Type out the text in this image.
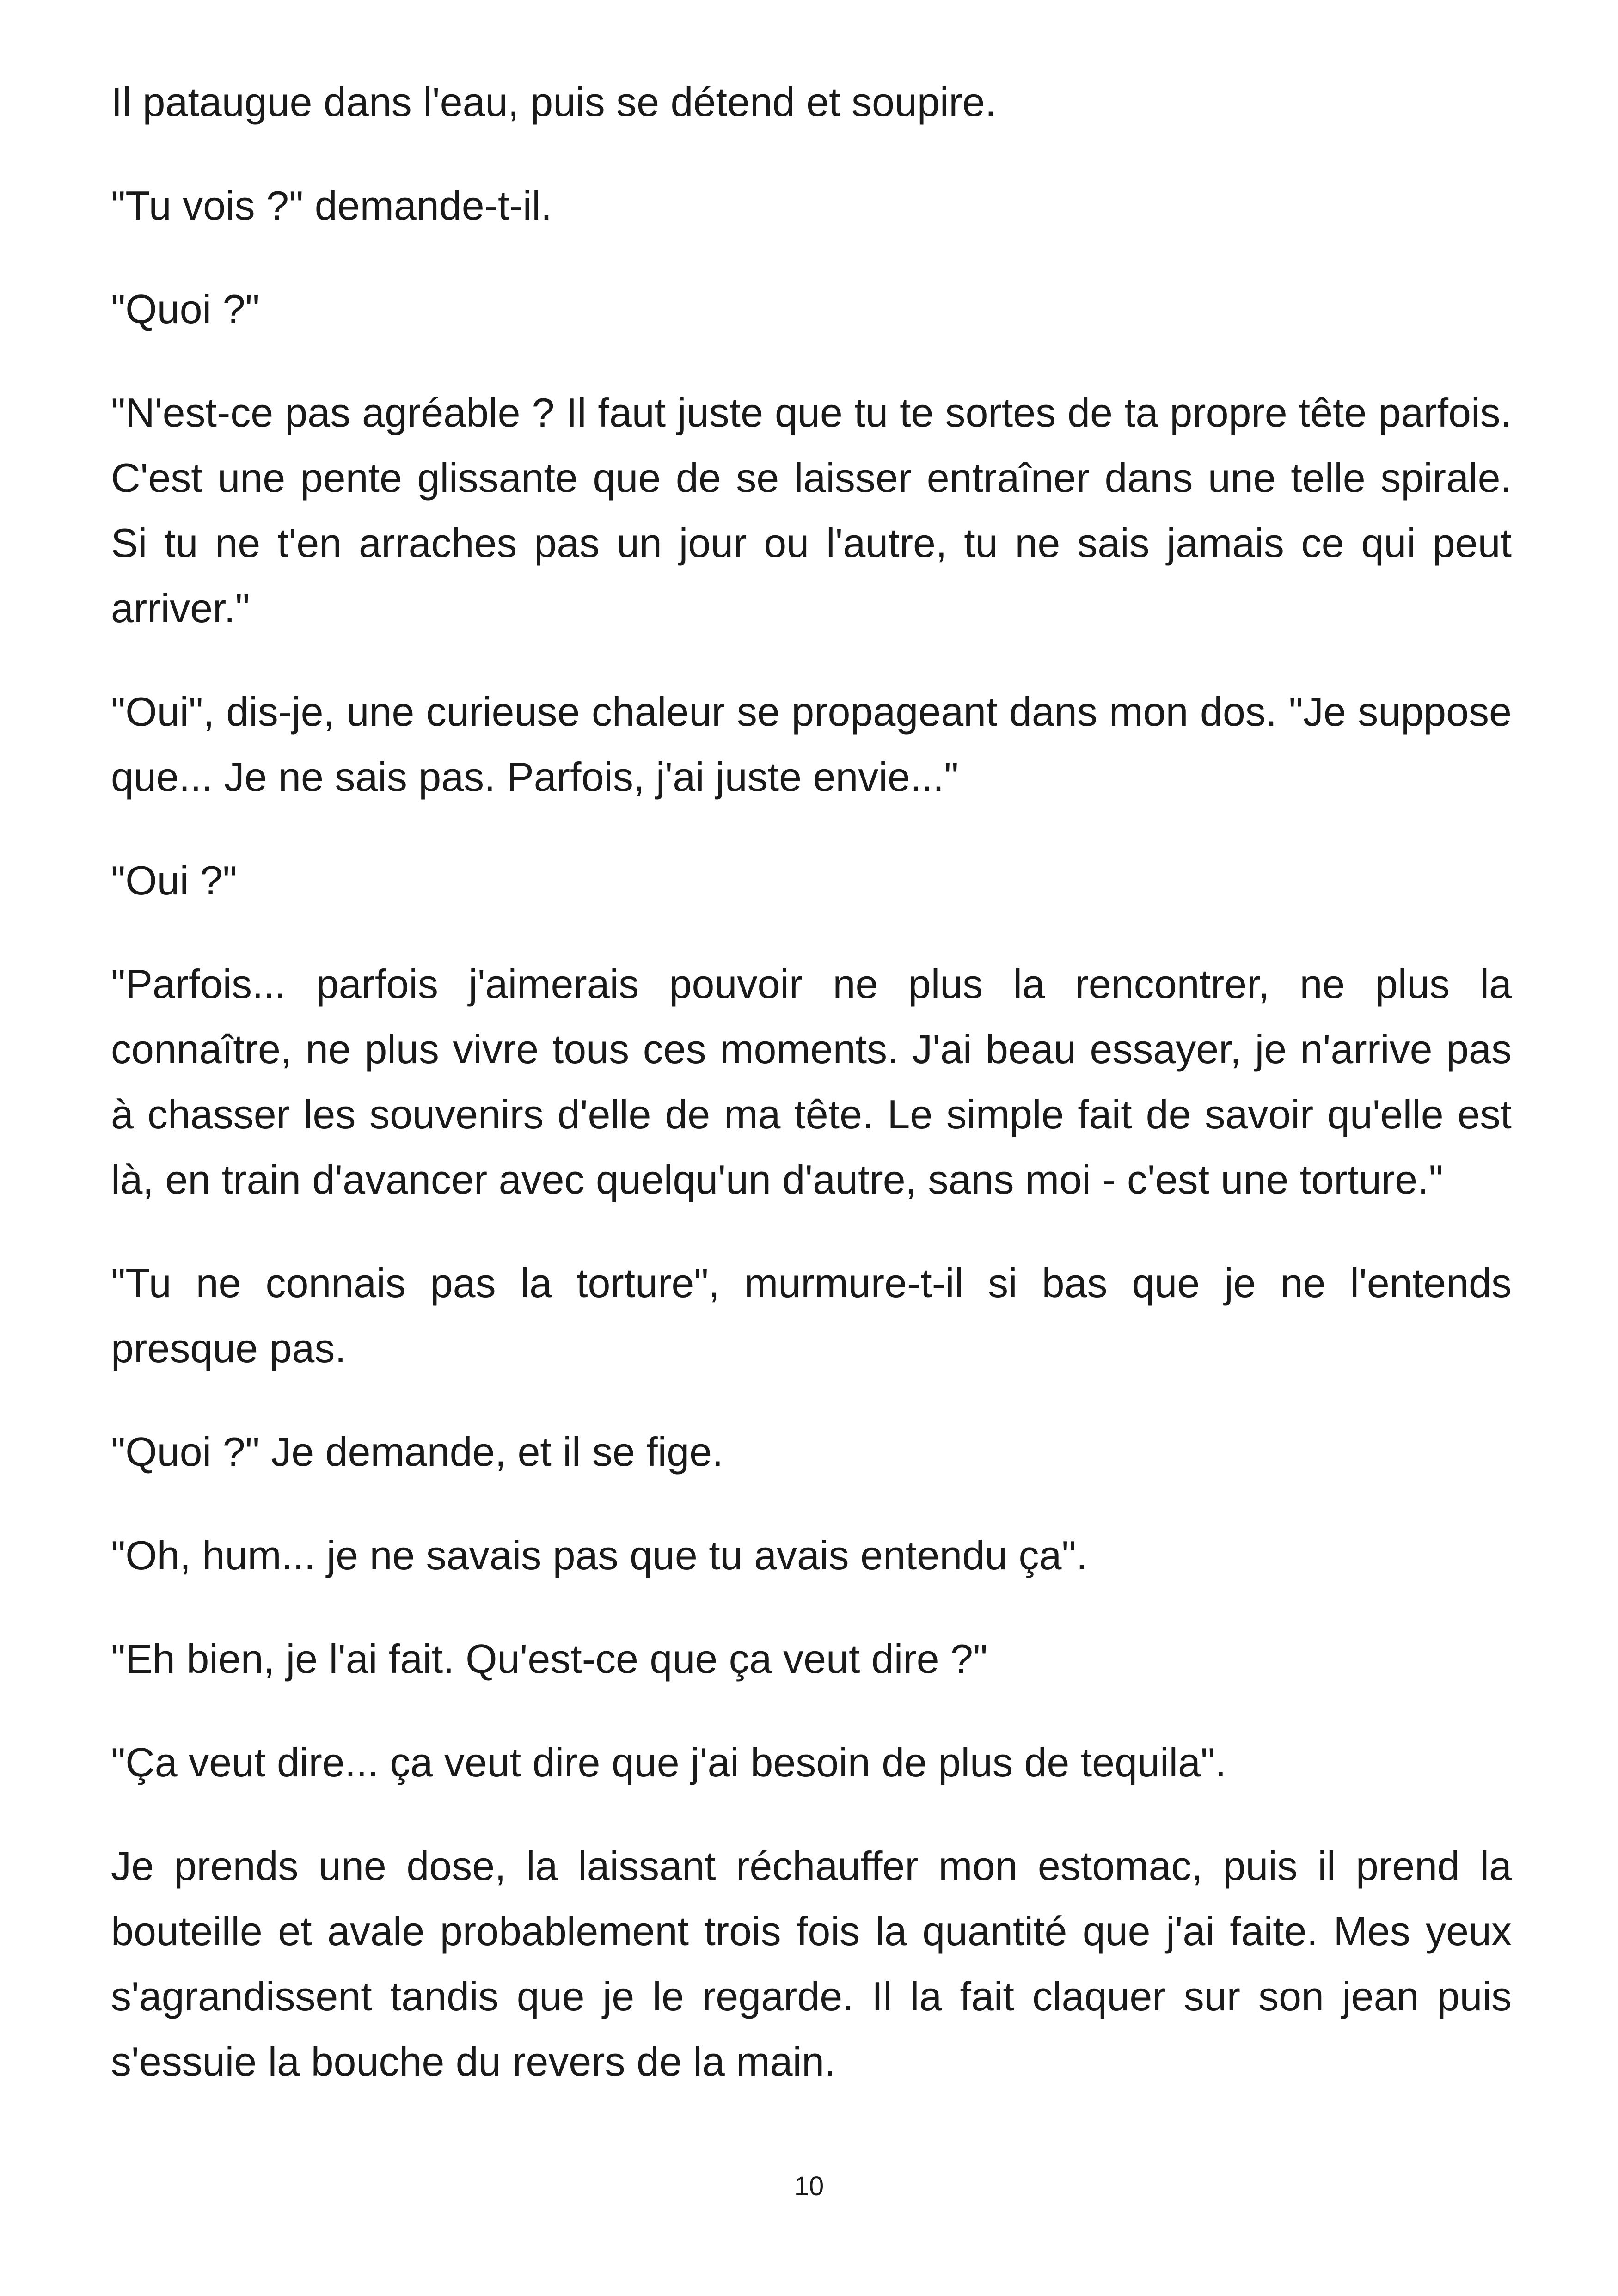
Il pataugue dans l'eau, puis se détend et soupire.

"Tu vois ?" demande-t-il.

"Quoi ?"

"N'est-ce pas agréable ? Il faut juste que tu te sortes de ta propre tête parfois. C'est une pente glissante que de se laisser entraîner dans une telle spirale. Si tu ne t'en arraches pas un jour ou l'autre, tu ne sais jamais ce qui peut arriver."

"Oui", dis-je, une curieuse chaleur se propageant dans mon dos. "Je suppose que... Je ne sais pas. Parfois, j'ai juste envie..."

"Oui ?"

"Parfois... parfois j'aimerais pouvoir ne plus la rencontrer, ne plus la connaître, ne plus vivre tous ces moments. J'ai beau essayer, je n'arrive pas à chasser les souvenirs d'elle de ma tête. Le simple fait de savoir qu'elle est là, en train d'avancer avec quelqu'un d'autre, sans moi - c'est une torture."

"Tu ne connais pas la torture", murmure-t-il si bas que je ne l'entends presque pas.

"Quoi ?" Je demande, et il se fige.

"Oh, hum... je ne savais pas que tu avais entendu ça".

"Eh bien, je l'ai fait. Qu'est-ce que ça veut dire ?"

"Ça veut dire... ça veut dire que j'ai besoin de plus de tequila".

Je prends une dose, la laissant réchauffer mon estomac, puis il prend la bouteille et avale probablement trois fois la quantité que j'ai faite. Mes yeux s'agrandissent tandis que je le regarde. Il la fait claquer sur son jean puis s'essuie la bouche du revers de la main.

10
